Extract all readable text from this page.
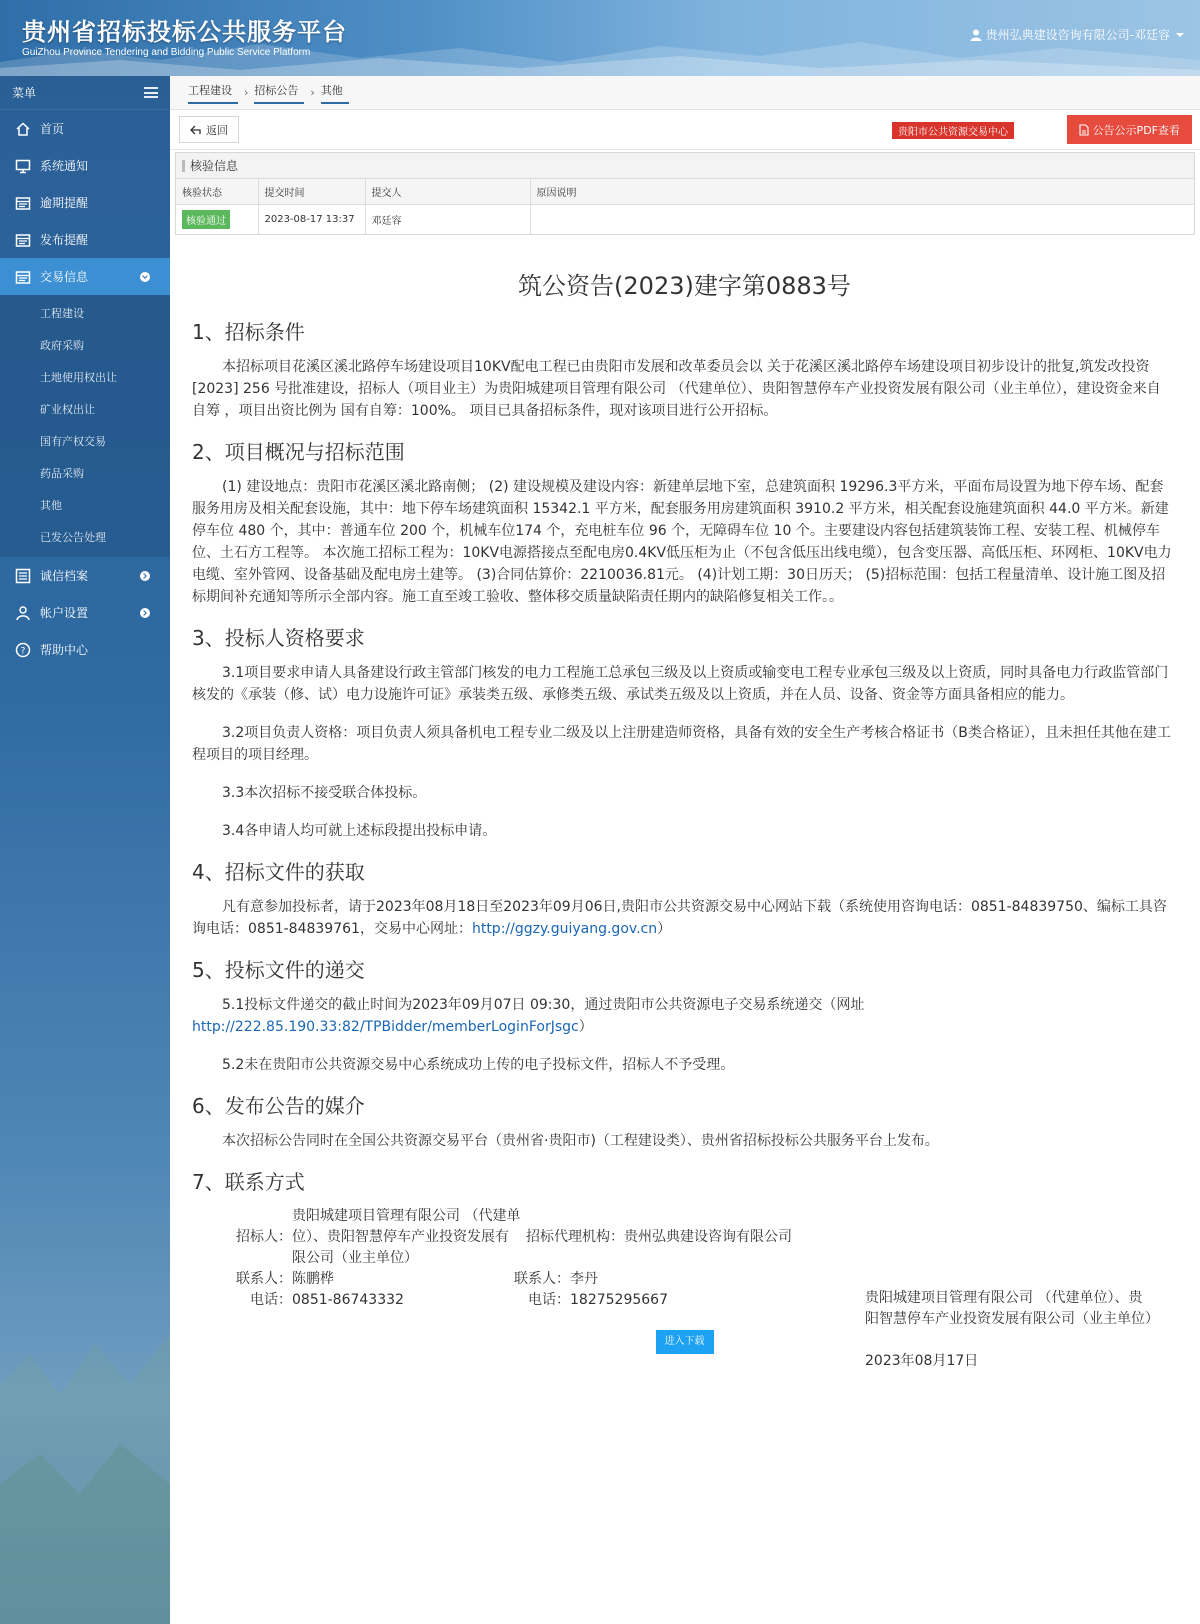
贵州省招标投标公共服务平台
GuiZhou Province Tendering and Bidding Public Service Platform
贵州弘典建设咨询有限公司-邓廷容
菜单
首页
系统通知
逾期提醒
发布提醒
交易信息
工程建设
政府采购
土地使用权出让
矿业权出让
国有产权交易
药品采购
其他
已发公告处理
诚信档案
帐户设置
? 帮助中心
工程建设	› 招标公告	› 其他
返回	贵阳市公共资源交易中心	公告公示PDF查看
核验信息
核验状态	提交时间	提交人	原因说明
核验通过	2023-08-17 13:37	邓廷容	
筑公资告(2023)建字第0883号
1、招标条件

本招标项目花溪区溪北路停车场建设项目10KV配电工程已由贵阳市发展和改革委员会以 关于花溪区溪北路停车场建设项目初步设计的批复,筑发改投资[2023] 256 号批准建设，招标人（项目业主）为贵阳城建项目管理有限公司 （代建单位）、贵阳智慧停车产业投资发展有限公司（业主单位），建设资金来自 自筹 ，项目出资比例为 国有自筹：100%。 项目已具备招标条件，现对该项目进行公开招标。

2、项目概况与招标范围

(1) 建设地点：贵阳市花溪区溪北路南侧； (2) 建设规模及建设内容：新建单层地下室，总建筑面积 19296.3平方米，平面布局设置为地下停车场、配套服务用房及相关配套设施，其中：地下停车场建筑面积 15342.1 平方米，配套服务用房建筑面积 3910.2 平方米，相关配套设施建筑面积 44.0 平方米。新建停车位 480 个，其中：普通车位 200 个，机械车位174 个，充电桩车位 96 个，无障碍车位 10 个。主要建设内容包括建筑装饰工程、安装工程、机械停车位、土石方工程等。 本次施工招标工程为：10KV电源搭接点至配电房0.4KV低压柜为止（不包含低压出线电缆），包含变压器、高低压柜、环网柜、10KV电力电缆、室外管网、设备基础及配电房土建等。 (3)合同估算价：2210036.81元。 (4)计划工期：30日历天； (5)招标范围：包括工程量清单、设计施工图及招标期间补充通知等所示全部内容。施工直至竣工验收、整体移交质量缺陷责任期内的缺陷修复相关工作。。

3、投标人资格要求

3.1项目要求申请人具备建设行政主管部门核发的电力工程施工总承包三级及以上资质或输变电工程专业承包三级及以上资质，同时具备电力行政监管部门核发的《承装（修、试）电力设施许可证》承装类五级、承修类五级、承试类五级及以上资质，并在人员、设备、资金等方面具备相应的能力。

3.2项目负责人资格：项目负责人须具备机电工程专业二级及以上注册建造师资格，具备有效的安全生产考核合格证书（B类合格证），且未担任其他在建工程项目的项目经理。

3.3本次招标不接受联合体投标。

3.4各申请人均可就上述标段提出投标申请。

4、招标文件的获取

凡有意参加投标者，请于2023年08月18日至2023年09月06日,贵阳市公共资源交易中心网站下载（系统使用咨询电话：0851-84839750、编标工具咨询电话：0851-84839761，交易中心网址：http://ggzy.guiyang.gov.cn）

5、投标文件的递交

5.1投标文件递交的截止时间为2023年09月07日 09:30，通过贵阳市公共资源电子交易系统递交（网址http://222.85.190.33:82/TPBidder/memberLoginForJsgc）

5.2未在贵阳市公共资源交易中心系统成功上传的电子投标文件，招标人不予受理。

6、发布公告的媒介

本次招标公告同时在全国公共资源交易平台（贵州省·贵阳市)（工程建设类）、贵州省招标投标公共服务平台上发布。

7、联系方式
招标人：
贵阳城建项目管理有限公司 （代建单位）、贵阳智慧停车产业投资发展有限公司（业主单位）
招标代理机构： 贵州弘典建设咨询有限公司
联系人： 陈鹏桦	联系人： 李丹
电话： 0851-86743332	电话： 18275295667
进入下载
贵阳城建项目管理有限公司 （代建单位）、贵阳智慧停车产业投资发展有限公司（业主单位）
2023年08月17日
